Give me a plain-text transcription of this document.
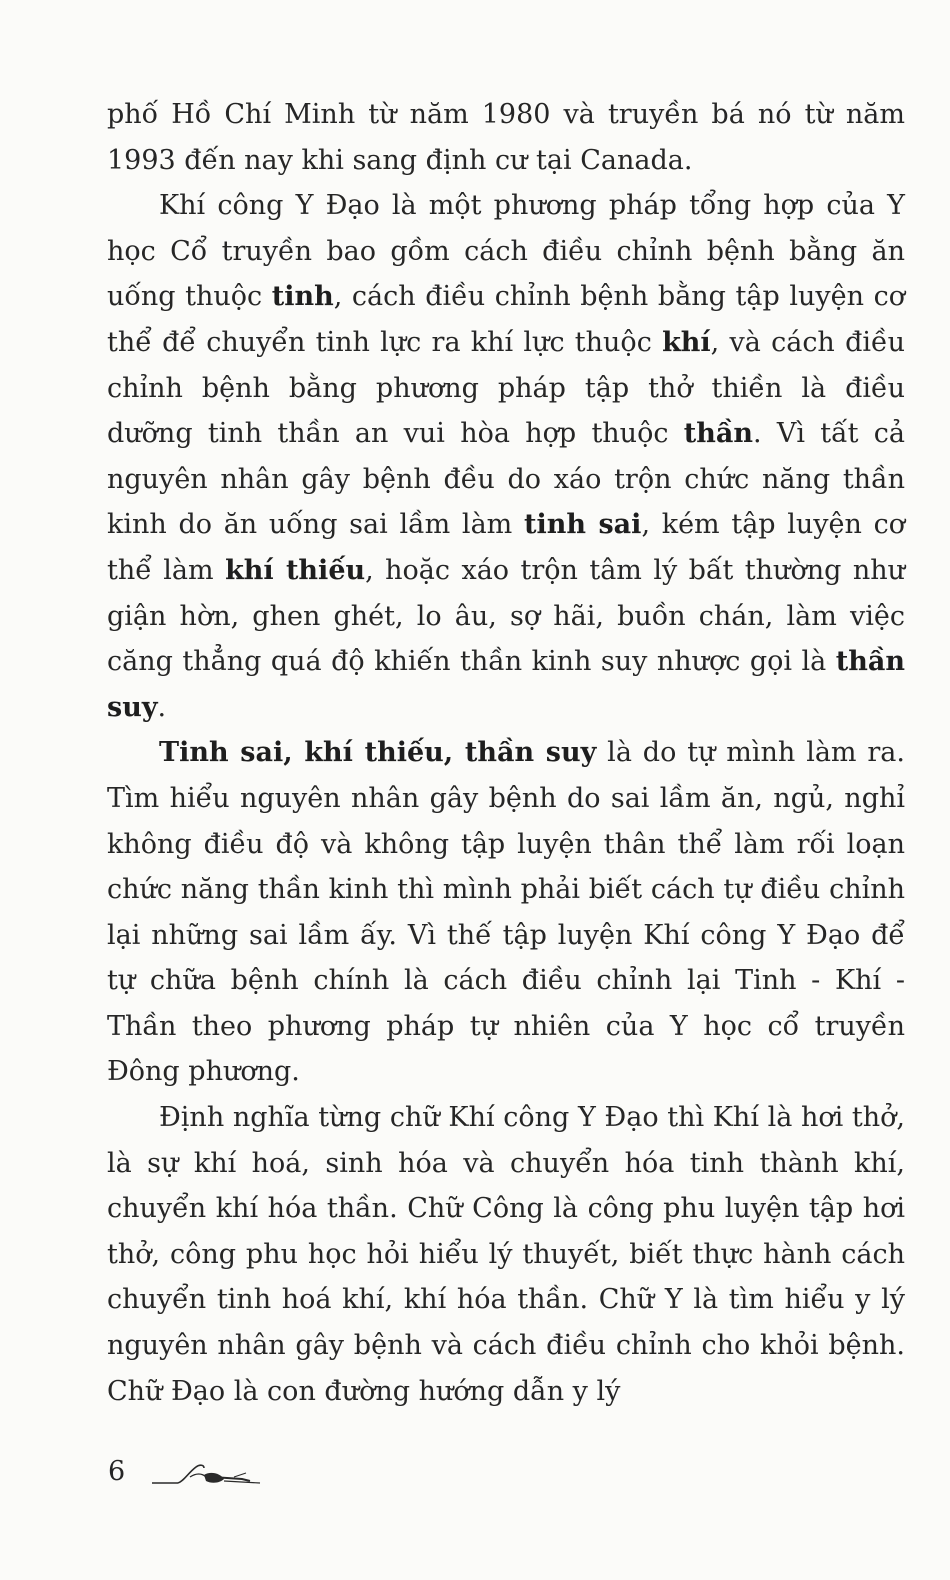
phố Hồ Chí Minh từ năm 1980 và truyền bá nó từ năm 1993 đến nay khi sang định cư tại Canada.

Khí công Y Đạo là một phương pháp tổng hợp của Y học Cổ truyền bao gồm cách điều chỉnh bệnh bằng ăn uống thuộc tinh, cách điều chỉnh bệnh bằng tập luyện cơ thể để chuyển tinh lực ra khí lực thuộc khí, và cách điều chỉnh bệnh bằng phương pháp tập thở thiền là điều dưỡng tinh thần an vui hòa hợp thuộc thần. Vì tất cả nguyên nhân gây bệnh đều do xáo trộn chức năng thần kinh do ăn uống sai lầm làm tinh sai, kém tập luyện cơ thể làm khí thiếu, hoặc xáo trộn tâm lý bất thường như giận hờn, ghen ghét, lo âu, sợ hãi, buồn chán, làm việc căng thẳng quá độ khiến thần kinh suy nhược gọi là thần suy.

Tinh sai, khí thiếu, thần suy là do tự mình làm ra. Tìm hiểu nguyên nhân gây bệnh do sai lầm ăn, ngủ, nghỉ không điều độ và không tập luyện thân thể làm rối loạn chức năng thần kinh thì mình phải biết cách tự điều chỉnh lại những sai lầm ấy. Vì thế tập luyện Khí công Y Đạo để tự chữa bệnh chính là cách điều chỉnh lại Tinh - Khí - Thần theo phương pháp tự nhiên của Y học cổ truyền Đông phương.

Định nghĩa từng chữ Khí công Y Đạo thì Khí là hơi thở, là sự khí hoá, sinh hóa và chuyển hóa tinh thành khí, chuyển khí hóa thần. Chữ Công là công phu luyện tập hơi thở, công phu học hỏi hiểu lý thuyết, biết thực hành cách chuyển tinh hoá khí, khí hóa thần. Chữ Y là tìm hiểu y lý nguyên nhân gây bệnh và cách điều chỉnh cho khỏi bệnh. Chữ Đạo là con đường hướng dẫn y lý

6
